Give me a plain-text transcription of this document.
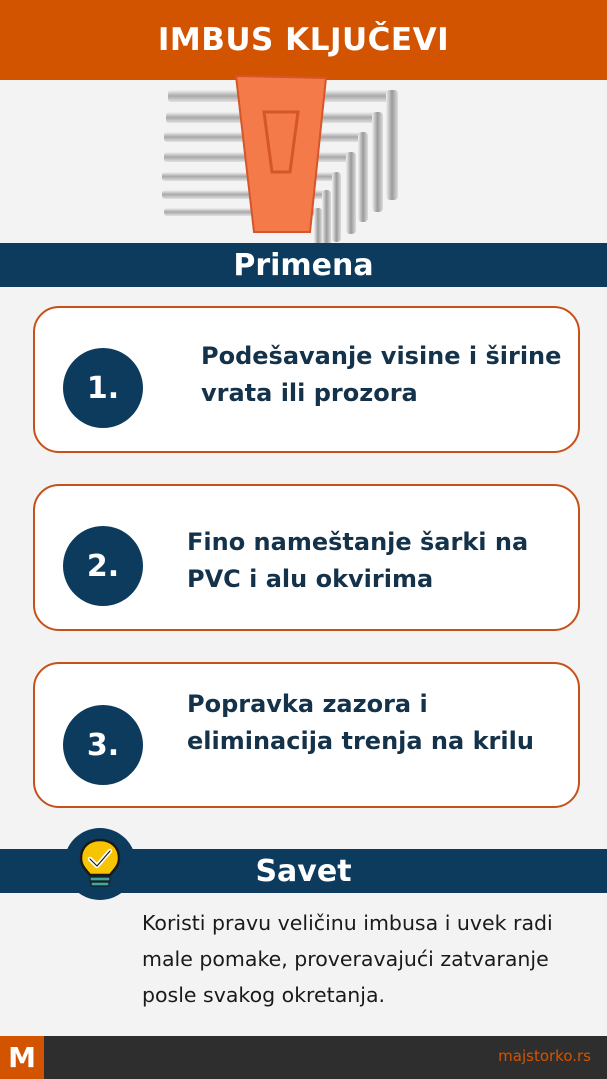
IMBUS KLJUČEVI
Primena
1.
Podešavanje visine i širine vrata ili prozora
2.
Fino nameštanje šarki na PVC i alu okvirima
3.
Popravka zazora i eliminacija trenja na krilu
Savet
Koristi pravu veličinu imbusa i uvek radi male pomake, proveravajući zatvaranje posle svakog okretanja.
M	majstorko.rs
